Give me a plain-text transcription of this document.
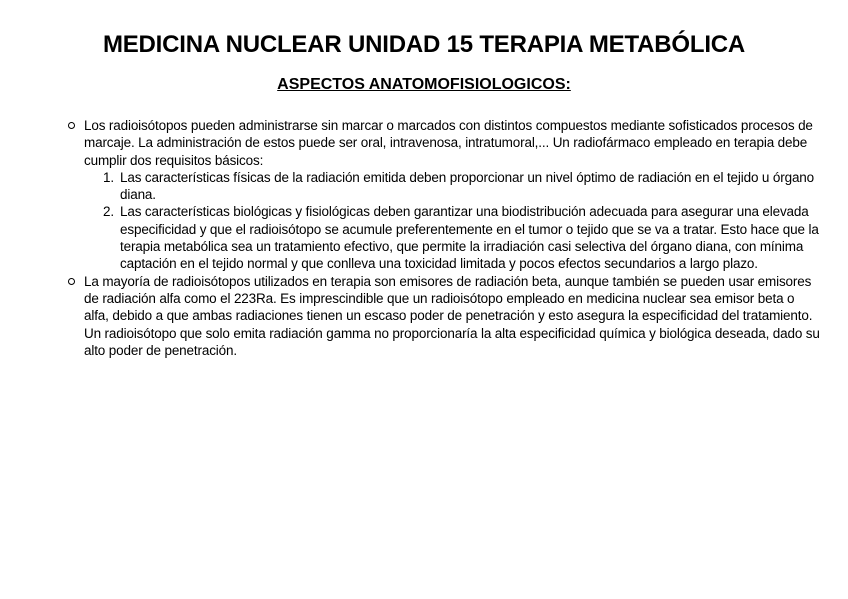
MEDICINA NUCLEAR UNIDAD 15 TERAPIA METABÓLICA
ASPECTOS ANATOMOFISIOLOGICOS:
Los radioisótopos pueden administrarse sin marcar o marcados con distintos compuestos mediante sofisticados procesos de marcaje. La administración de estos puede ser oral, intravenosa, intratumoral,... Un radiofármaco empleado en terapia debe cumplir dos requisitos básicos:
1. Las características físicas de la radiación emitida deben proporcionar un nivel óptimo de radiación en el tejido u órgano diana.
2. Las características biológicas y fisiológicas deben garantizar una biodistribución adecuada para asegurar una elevada especificidad y que el radioisótopo se acumule preferentemente en el tumor o tejido que se va a tratar. Esto hace que la terapia metabólica sea un tratamiento efectivo, que permite la irradiación casi selectiva del órgano diana, con mínima captación en el tejido normal y que conlleva una toxicidad limitada y pocos efectos secundarios a largo plazo.
La mayoría de radioisótopos utilizados en terapia son emisores de radiación beta, aunque también se pueden usar emisores de radiación alfa como el 223Ra. Es imprescindible que un radioisótopo empleado en medicina nuclear sea emisor beta o alfa, debido a que ambas radiaciones tienen un escaso poder de penetración y esto asegura la especificidad del tratamiento. Un radioisótopo que solo emita radiación gamma no proporcionaría la alta especificidad química y biológica deseada, dado su alto poder de penetración.
